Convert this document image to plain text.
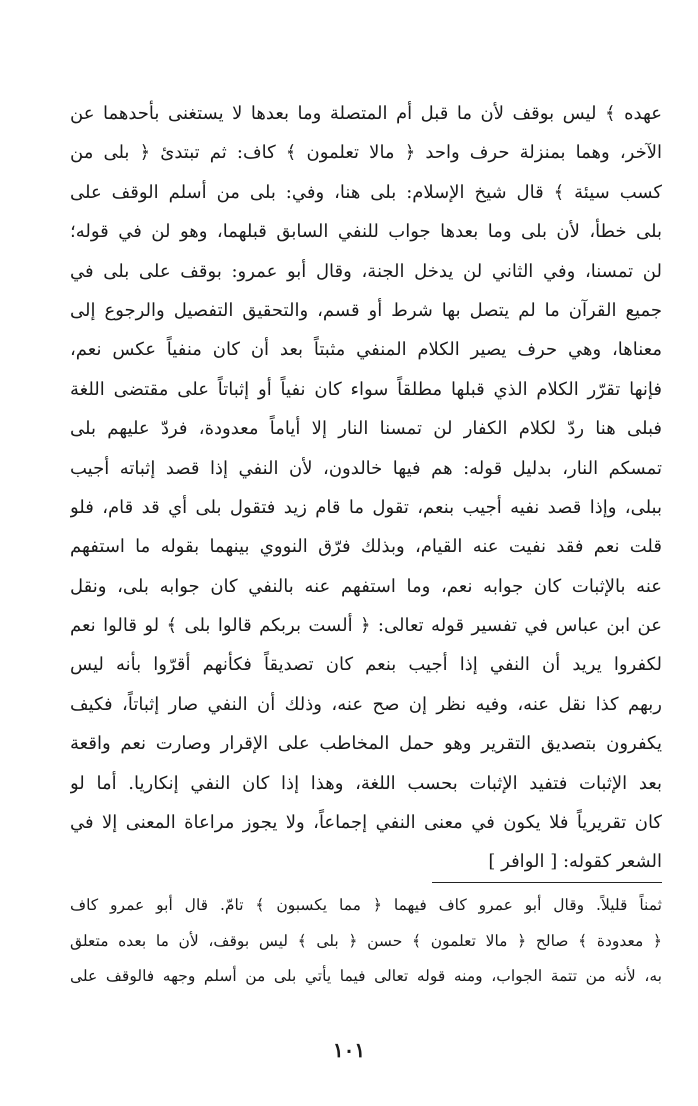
عهده ﴾ ليس بوقف لأن ما قبل أم المتصلة وما بعدها لا يستغنى بأحدهما عن
الآخر، وهما بمنزلة حرف واحد ﴿ مالا تعلمون ﴾ كاف: ثم تبتدئ ﴿ بلى من
كسب سيئة ﴾ قال شيخ الإسلام: بلى هنا، وفي: بلى من أسلم الوقف على
بلى خطأ، لأن بلى وما بعدها جواب للنفي السابق قبلهما، وهو لن في قوله؛
لن تمسنا، وفي الثاني لن يدخل الجنة، وقال أبو عمرو: بوقف على بلى في
جميع القرآن ما لم يتصل بها شرط أو قسم، والتحقيق التفصيل والرجوع إلى
معناها، وهي حرف يصير الكلام المنفي مثبتاً بعد أن كان منفياً عكس نعم،
فإنها تقرّر الكلام الذي قبلها مطلقاً سواء كان نفياً أو إثباتاً على مقتضى اللغة
فبلى هنا ردّ لكلام الكفار لن تمسنا النار إلا أياماً معدودة، فردّ عليهم بلى
تمسكم النار، بدليل قوله: هم فيها خالدون، لأن النفي إذا قصد إثباته أجيب
ببلى، وإذا قصد نفيه أجيب بنعم، تقول ما قام زيد فتقول بلى أي قد قام، فلو
قلت نعم فقد نفيت عنه القيام، وبذلك فرّق النووي بينهما بقوله ما استفهم
عنه بالإثبات كان جوابه نعم، وما استفهم عنه بالنفي كان جوابه بلى، ونقل
عن ابن عباس في تفسير قوله تعالى: ﴿ ألست بربكم قالوا بلى ﴾ لو قالوا نعم
لكفروا يريد أن النفي إذا أجيب بنعم كان تصديقاً فكأنهم أقرّوا بأنه ليس
ربهم كذا نقل عنه، وفيه نظر إن صح عنه، وذلك أن النفي صار إثباتاً، فكيف
يكفرون بتصديق التقرير وهو حمل المخاطب على الإقرار وصارت نعم واقعة
بعد الإثبات فتفيد الإثبات بحسب اللغة، وهذا إذا كان النفي إنكاريا. أما لو
كان تقريرياً فلا يكون في معنى النفي إجماعاً، ولا يجوز مراعاة المعنى إلا في
الشعر كقوله: [ الوافر ]
ثمناً قليلاً. وقال أبو عمرو كاف فيهما ﴿ مما يكسبون ﴾ تامّ. قال أبو عمرو كاف
﴿ معدودة ﴾ صالح ﴿ مالا تعلمون ﴾ حسن ﴿ بلى ﴾ ليس بوقف، لأن ما بعده متعلق
به، لأنه من تتمة الجواب، ومنه قوله تعالى فيما يأتي بلى من أسلم وجهه فالوقف على
١٠١
